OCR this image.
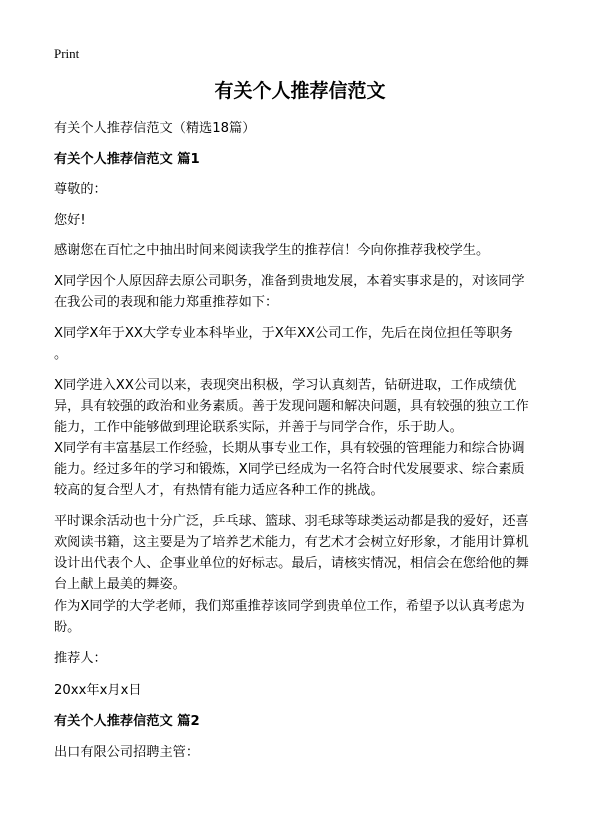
Print
有关个人推荐信范文
有关个人推荐信范文（精选18篇）
有关个人推荐信范文 篇1
尊敬的：
您好!
感谢您在百忙之中抽出时间来阅读我学生的推荐信！今向你推荐我校学生。
X同学因个人原因辞去原公司职务，准备到贵地发展，本着实事求是的，对该同学
在我公司的表现和能力郑重推荐如下：
X同学X年于XX大学专业本科毕业，于X年XX公司工作，先后在岗位担任等职务
。
X同学进入XX公司以来，表现突出积极，学习认真刻苦，钻研进取，工作成绩优
异，具有较强的政治和业务素质。善于发现问题和解决问题，具有较强的独立工作
能力，工作中能够做到理论联系实际，并善于与同学合作，乐于助人。
X同学有丰富基层工作经验，长期从事专业工作，具有较强的管理能力和综合协调
能力。经过多年的学习和锻炼，X同学已经成为一名符合时代发展要求、综合素质
较高的复合型人才，有热情有能力适应各种工作的挑战。
平时课余活动也十分广泛，乒乓球、篮球、羽毛球等球类运动都是我的爱好，还喜
欢阅读书籍，这主要是为了培养艺术能力，有艺术才会树立好形象，才能用计算机
设计出代表个人、企事业单位的好标志。最后，请核实情况，相信会在您给他的舞
台上献上最美的舞姿。
作为X同学的大学老师，我们郑重推荐该同学到贵单位工作，希望予以认真考虑为
盼。
推荐人：
20xx年x月x日
有关个人推荐信范文 篇2
出口有限公司招聘主管：
